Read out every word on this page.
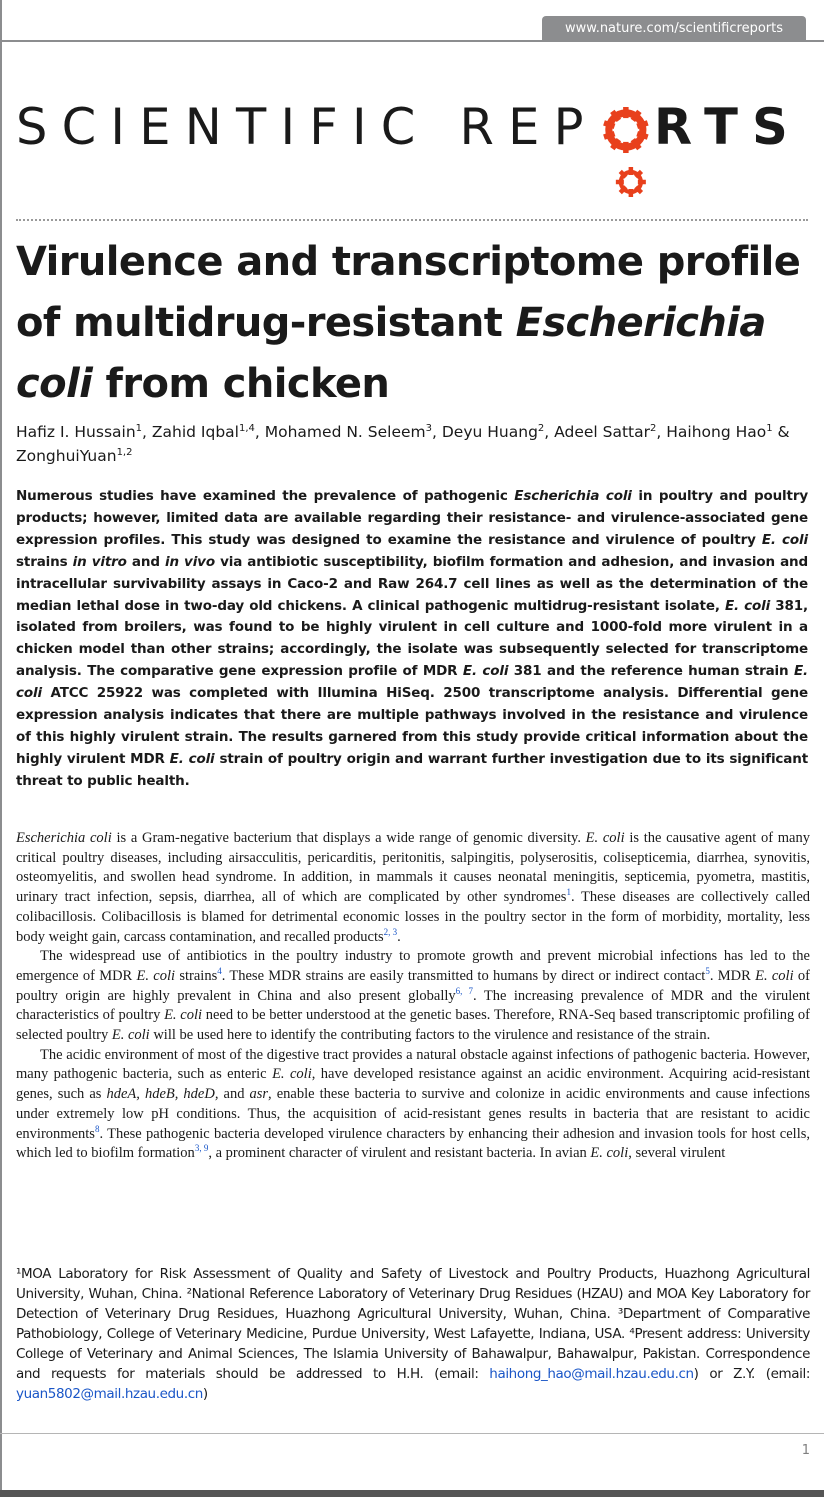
www.nature.com/scientificreports
SCIENTIFIC REP RTS
Virulence and transcriptome profile of multidrug-resistant Escherichia coli from chicken
Hafiz I. Hussain$^1$, Zahid Iqbal$^{1,4}$, Mohamed N. Seleem$^3$, Deyu Huang$^2$, Adeel Sattar$^2$, Haihong Hao$^1$ & ZonghuiYuan$^{1,2}$

Numerous studies have examined the prevalence of pathogenic Escherichia coli in poultry and poultry products; however, limited data are available regarding their resistance- and virulence-associated gene expression profiles. This study was designed to examine the resistance and virulence of poultry E. coli strains in vitro and in vivo via antibiotic susceptibility, biofilm formation and adhesion, and invasion and intracellular survivability assays in Caco-2 and Raw 264.7 cell lines as well as the determination of the median lethal dose in two-day old chickens. A clinical pathogenic multidrug-resistant isolate, E. coli 381, isolated from broilers, was found to be highly virulent in cell culture and 1000-fold more virulent in a chicken model than other strains; accordingly, the isolate was subsequently selected for transcriptome analysis. The comparative gene expression profile of MDR E. coli 381 and the reference human strain E. coli ATCC 25922 was completed with Illumina HiSeq. 2500 transcriptome analysis. Differential gene expression analysis indicates that there are multiple pathways involved in the resistance and virulence of this highly virulent strain. The results garnered from this study provide critical information about the highly virulent MDR E. coli strain of poultry origin and warrant further investigation due to its significant threat to public health.

Escherichia coli is a Gram-negative bacterium that displays a wide range of genomic diversity. E. coli is the causative agent of many critical poultry diseases, including airsacculitis, pericarditis, peritonitis, salpingitis, polyserositis, colisepticemia, diarrhea, synovitis, osteomyelitis, and swollen head syndrome. In addition, in mammals it causes neonatal meningitis, septicemia, pyometra, mastitis, urinary tract infection, sepsis, diarrhea, all of which are complicated by other syndromes$^1$. These diseases are collectively called colibacillosis. Colibacillosis is blamed for detrimental economic losses in the poultry sector in the form of morbidity, mortality, less body weight gain, carcass contamination, and recalled products$^{2, 3}$.

The widespread use of antibiotics in the poultry industry to promote growth and prevent microbial infections has led to the emergence of MDR E. coli strains$^4$. These MDR strains are easily transmitted to humans by direct or indirect contact$^5$. MDR E. coli of poultry origin are highly prevalent in China and also present globally$^{6, 7}$. The increasing prevalence of MDR and the virulent characteristics of poultry E. coli need to be better understood at the genetic bases. Therefore, RNA-Seq based transcriptomic profiling of selected poultry E. coli will be used here to identify the contributing factors to the virulence and resistance of the strain.

The acidic environment of most of the digestive tract provides a natural obstacle against infections of pathogenic bacteria. However, many pathogenic bacteria, such as enteric E. coli, have developed resistance against an acidic environment. Acquiring acid-resistant genes, such as hdeA, hdeB, hdeD, and asr, enable these bacteria to survive and colonize in acidic environments and cause infections under extremely low pH conditions. Thus, the acquisition of acid-resistant genes results in bacteria that are resistant to acidic environments$^8$. These pathogenic bacteria developed virulence characters by enhancing their adhesion and invasion tools for host cells, which led to biofilm formation$^{3, 9}$, a prominent character of virulent and resistant bacteria. In avian E. coli, several virulent

¹MOA Laboratory for Risk Assessment of Quality and Safety of Livestock and Poultry Products, Huazhong Agricultural University, Wuhan, China. ²National Reference Laboratory of Veterinary Drug Residues (HZAU) and MOA Key Laboratory for Detection of Veterinary Drug Residues, Huazhong Agricultural University, Wuhan, China. ³Department of Comparative Pathobiology, College of Veterinary Medicine, Purdue University, West Lafayette, Indiana, USA. ⁴Present address: University College of Veterinary and Animal Sciences, The Islamia University of Bahawalpur, Bahawalpur, Pakistan. Correspondence and requests for materials should be addressed to H.H. (email: haihong_hao@mail.hzau.edu.cn) or Z.Y. (email: yuan5802@mail.hzau.edu.cn)

1
